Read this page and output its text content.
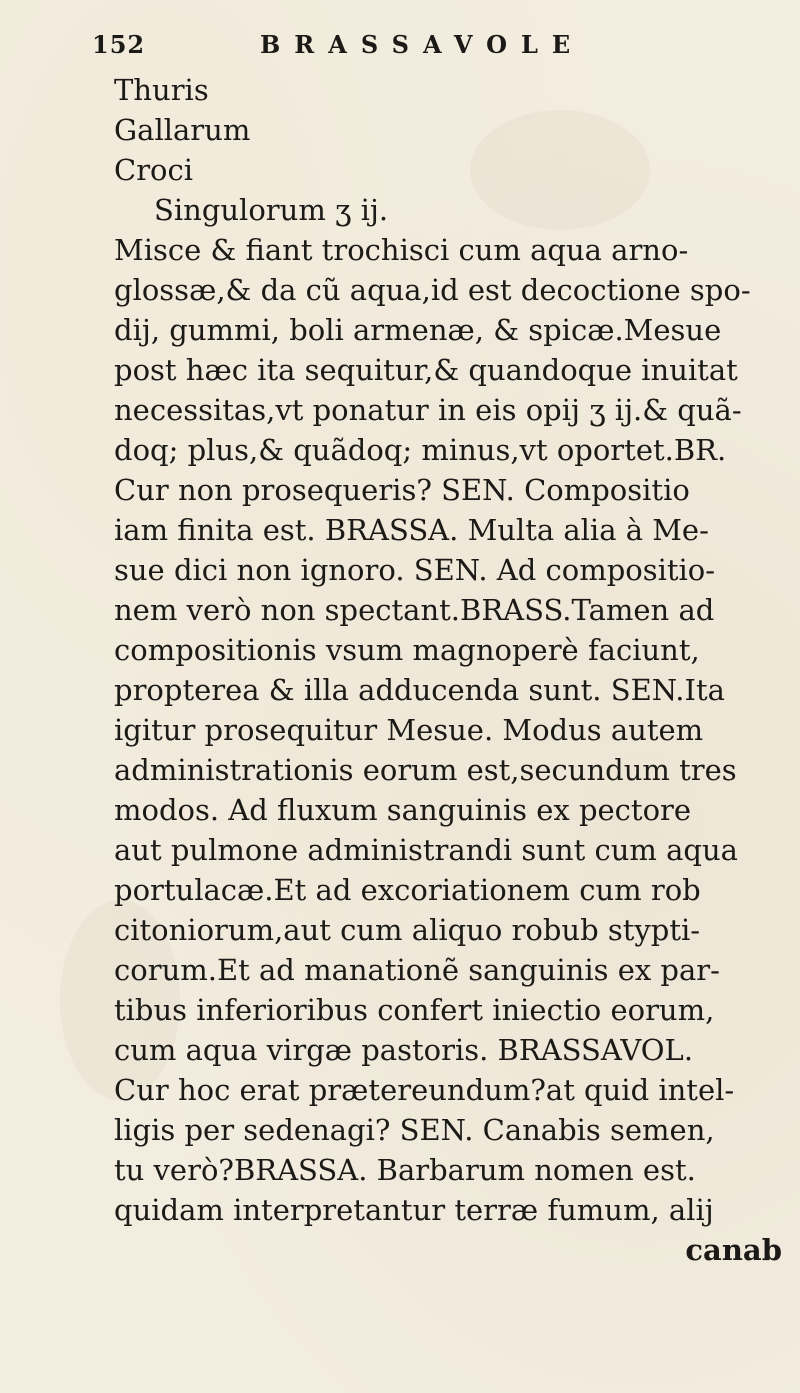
152	BRASSAVOLE
Thuris
Gallarum
Croci
Singulorum ʒ ij.
Misce & fiant trochisci cum aqua arno-
glossæ,& da cũ aqua,id est decoctione spo-
dij, gummi, boli armenæ, & spicæ.Mesue
post hæc ita sequitur,& quandoque inuitat
necessitas,vt ponatur in eis opij ʒ ij.& quã-
doq; plus,& quãdoq; minus,vt oportet.BR.
Cur non prosequeris? SEN. Compositio
iam finita est. BRASSA. Multa alia à Me-
sue dici non ignoro. SEN. Ad compositio-
nem verò non spectant.BRASS.Tamen ad
compositionis vsum magnoperè faciunt,
propterea & illa adducenda sunt. SEN.Ita
igitur prosequitur Mesue. Modus autem
administrationis eorum est,secundum tres
modos. Ad fluxum sanguinis ex pectore
aut pulmone administrandi sunt cum aqua
portulacæ.Et ad excoriationem cum rob
citoniorum,aut cum aliquo robub stypti-
corum.Et ad manationẽ sanguinis ex par-
tibus inferioribus confert iniectio eorum,
cum aqua virgæ pastoris. BRASSAVOL.
Cur hoc erat prætereundum?at quid intel-
ligis per sedenagi? SEN. Canabis semen,
tu verò?BRASSA. Barbarum nomen est.
quidam interpretantur terræ fumum, alij
canab
